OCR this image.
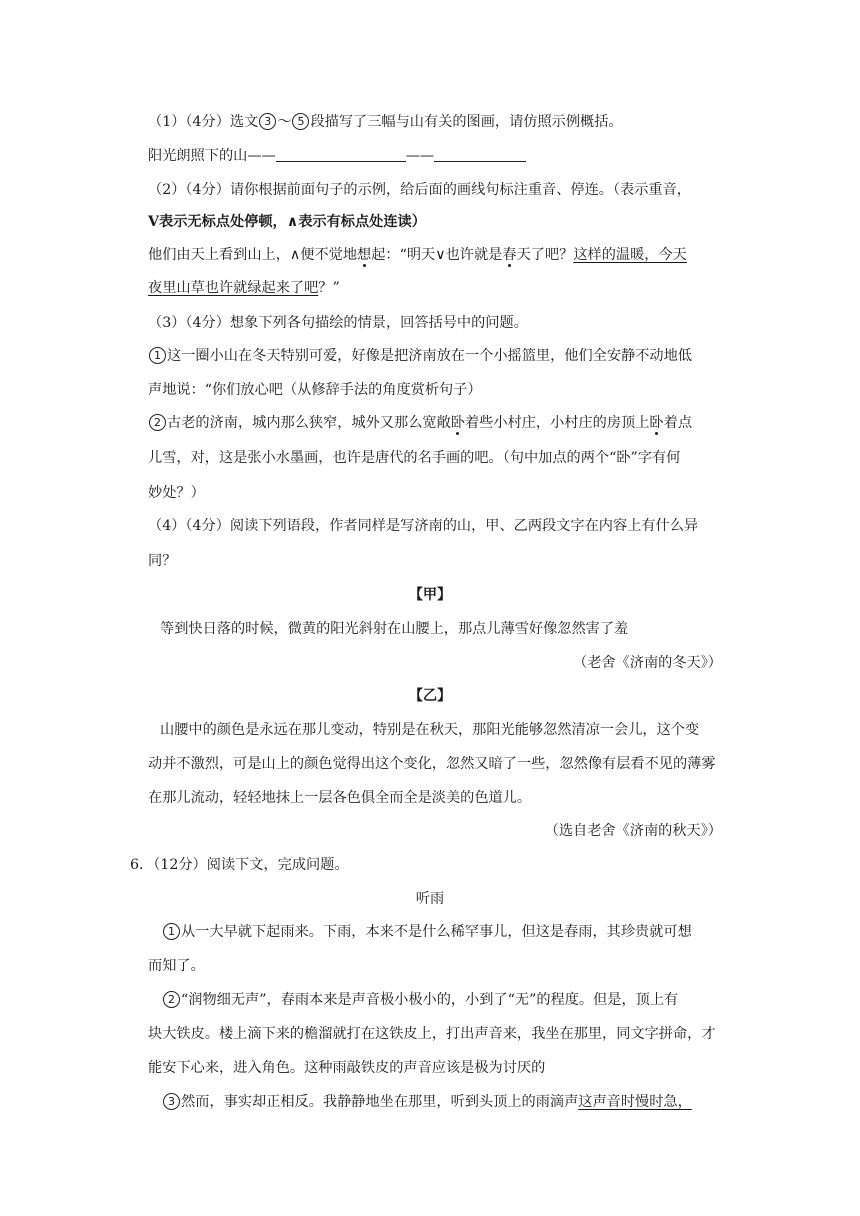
（1）（4分）选文 3 ～ 5 段描写了三幅与山有关的图画，请仿照示例概括。
阳光朗照下的山——	——
（2）（4分）请你根据前面句子的示例，给后面的画线句标注重音、停连。（表示重音，
V表示无标点处停顿，∧表示有标点处连读）
他们由天上看到山上，∧便不觉地想起：“明天∨也许就是春天了吧？这样的温暖，今天
夜里山草也许就绿起来了吧？”
（3）（4分）想象下列各句描绘的情景，回答括号中的问题。
1 这一圈小山在冬天特别可爱，好像是把济南放在一个小摇篮里，他们全安静不动地低
声地说：“你们放心吧（从修辞手法的角度赏析句子）
2 古老的济南，城内那么狭窄，城外又那么宽敞卧着些小村庄，小村庄的房顶上卧着点
儿雪，对，这是张小水墨画，也许是唐代的名手画的吧。（句中加点的两个“卧”字有何
妙处？）
（4）（4分）阅读下列语段，作者同样是写济南的山，甲、乙两段文字在内容上有什么异
同？
【甲】
等到快日落的时候，微黄的阳光斜射在山腰上，那点儿薄雪好像忽然害了羞
（老舍《济南的冬天》）
【乙】
山腰中的颜色是永远在那儿变动，特别是在秋天，那阳光能够忽然清凉一会儿，这个变
动并不激烈，可是山上的颜色觉得出这个变化，忽然又暗了一些，忽然像有层看不见的薄雾
在那儿流动，轻轻地抹上一层各色俱全而全是淡美的色道儿。
（选自老舍《济南的秋天》）
6．（12分）阅读下文，完成问题。
听雨
1 从一大早就下起雨来。下雨，本来不是什么稀罕事儿，但这是春雨，其珍贵就可想
而知了。
2 “润物细无声”，春雨本来是声音极小极小的，小到了“无”的程度。但是，顶上有
块大铁皮。楼上滴下来的檐溜就打在这铁皮上，打出声音来，我坐在那里，同文字拼命，才
能安下心来，进入角色。这种雨敲铁皮的声音应该是极为讨厌的
3 然而，事实却正相反。我静静地坐在那里，听到头顶上的雨滴声这声音时慢时急，
